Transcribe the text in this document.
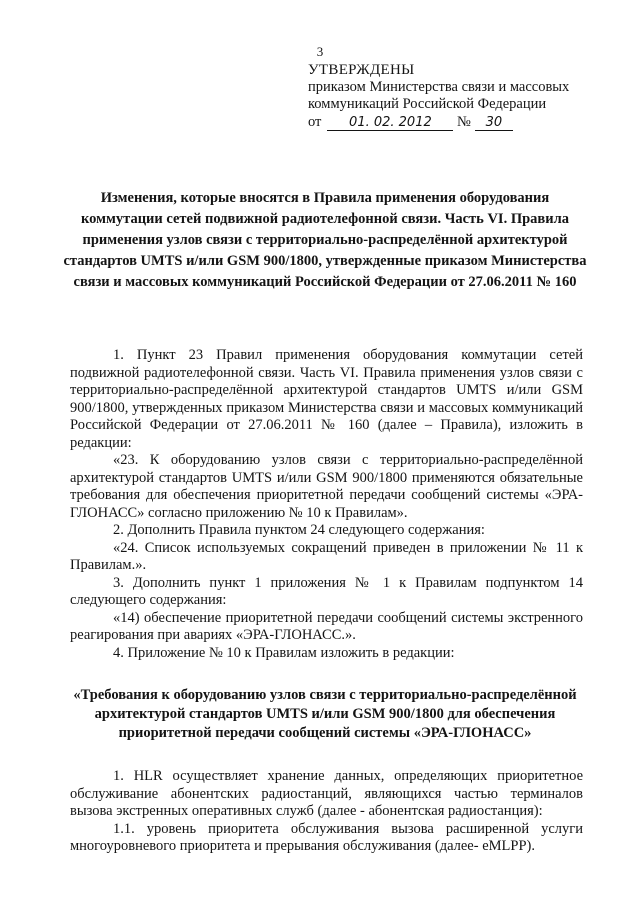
3
УТВЕРЖДЕНЫ
приказом Министерства связи и массовых
коммуникаций Российской Федерации
от 01. 02. 2012 № 30
Изменения, которые вносятся в Правила применения оборудования коммутации сетей подвижной радиотелефонной связи. Часть VI. Правила применения узлов связи с территориально-распределённой архитектурой стандартов UMTS и/или GSM 900/1800, утвержденные приказом Министерства связи и массовых коммуникаций Российской Федерации от 27.06.2011 № 160

1. Пункт 23 Правил применения оборудования коммутации сетей подвижной радиотелефонной связи. Часть VI. Правила применения узлов связи с территориально-распределённой архитектурой стандартов UMTS и/или GSM 900/1800, утвержденных приказом Министерства связи и массовых коммуникаций Российской Федерации от 27.06.2011 № 160 (далее – Правила), изложить в редакции:

«23. К оборудованию узлов связи с территориально-распределённой архитектурой стандартов UMTS и/или GSM 900/1800 применяются обязательные требования для обеспечения приоритетной передачи сообщений системы «ЭРА-ГЛОНАСС» согласно приложению № 10 к Правилам».

2. Дополнить Правила пунктом 24 следующего содержания:

«24. Список используемых сокращений приведен в приложении № 11 к Правилам.».

3. Дополнить пункт 1 приложения № 1 к Правилам подпунктом 14 следующего содержания:

«14) обеспечение приоритетной передачи сообщений системы экстренного реагирования при авариях «ЭРА-ГЛОНАСС.».

4. Приложение № 10 к Правилам изложить в редакции:

«Требования к оборудованию узлов связи с территориально-распределённой архитектурой стандартов UMTS и/или GSM 900/1800 для обеспечения приоритетной передачи сообщений системы «ЭРА-ГЛОНАСС»

1. HLR осуществляет хранение данных, определяющих приоритетное обслуживание абонентских радиостанций, являющихся частью терминалов вызова экстренных оперативных служб (далее - абонентская радиостанция):

1.1. уровень приоритета обслуживания вызова расширенной услуги многоуровневого приоритета и прерывания обслуживания (далее- eMLPP).
